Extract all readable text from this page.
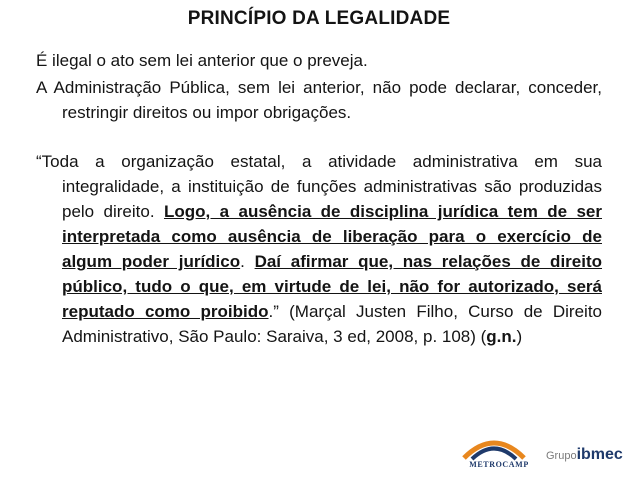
PRINCÍPIO DA LEGALIDADE

É ilegal o ato sem lei anterior que o preveja.

A Administração Pública, sem lei anterior, não pode declarar, conceder, restringir direitos ou impor obrigações.

“Toda a organização estatal, a atividade administrativa em sua integralidade, a instituição de funções administrativas são produzidas pelo direito. Logo, a ausência de disciplina jurídica tem de ser interpretada como ausência de liberação para o exercício de algum poder jurídico. Daí afirmar que, nas relações de direito público, tudo o que, em virtude de lei, não for autorizado, será reputado como proibido.” (Marçal Justen Filho, Curso de Direito Administrativo, São Paulo: Saraiva, 3 ed, 2008, p. 108) (g.n.)

METROCAMP
Grupoibmec
